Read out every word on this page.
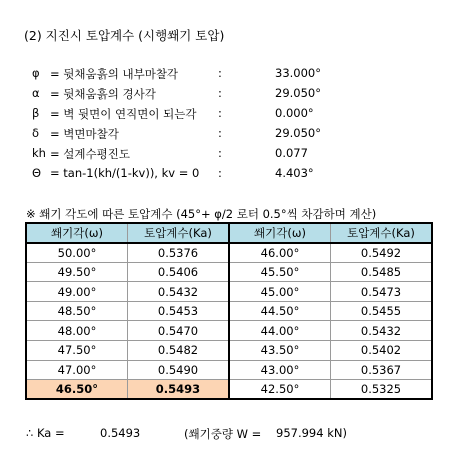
(2) 지진시 토압계수 (시행쐐기 토압)
φ = 뒷채움흙의 내부마찰각	:	33.000°
α = 뒷채움흙의 경사각	:	29.050°
β = 벽 뒷면이 연직면이 되는각 :	0.000°
δ = 벽면마찰각	:	29.050°
kh = 설계수평진도	:	0.077
Θ = tan-1(kh/(1-kv)), kv = 0 :	4.403°
※ 쐐기 각도에 따른 토압계수 (45°+ φ/2 로터 0.5°씩 차감하며 계산)
쐐기각(ω)	토압계수(Ka)	쐐기각(ω)	토압계수(Ka)
50.00°	0.5376	46.00°	0.5492
49.50°	0.5406	45.50°	0.5485
49.00°	0.5432	45.00°	0.5473
48.50°	0.5453	44.50°	0.5455
48.00°	0.5470	44.00°	0.5432
47.50°	0.5482	43.50°	0.5402
47.00°	0.5490	43.00°	0.5367
46.50°	0.5493	42.50°	0.5325
∴ Ka =	0.5493	(쐐기중량 W = 957.994 kN)
